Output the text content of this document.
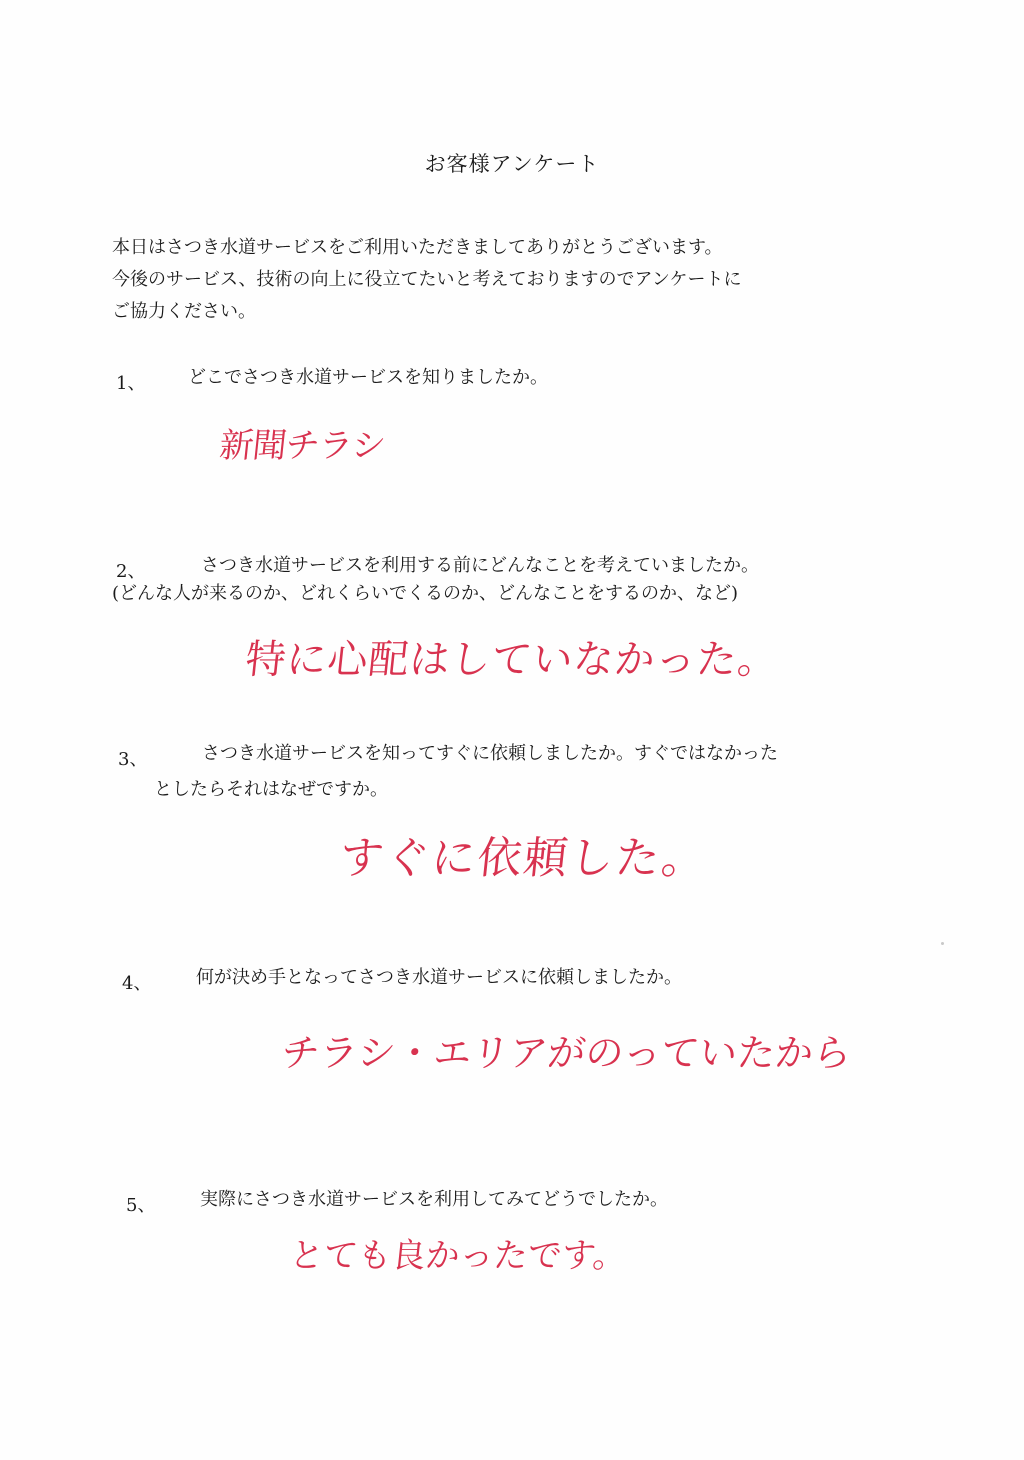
お客様アンケート
本日はさつき水道サービスをご利用いただきましてありがとうございます。
今後のサービス、技術の向上に役立てたいと考えておりますのでアンケートに
ご協力ください。
1、 どこでさつき水道サービスを知りましたか。
新聞チラシ
2、	さつき水道サービスを利用する前にどんなことを考えていましたか。
(どんな人が来るのか、どれくらいでくるのか、どんなことをするのか、など)
特に心配はしていなかった。
3、	さつき水道サービスを知ってすぐに依頼しましたか。すぐではなかった
としたらそれはなぜですか。
すぐに依頼した。
4、 何が決め手となってさつき水道サービスに依頼しましたか。
チラシ・エリアがのっていたから
5、 実際にさつき水道サービスを利用してみてどうでしたか。
とても良かったです。
